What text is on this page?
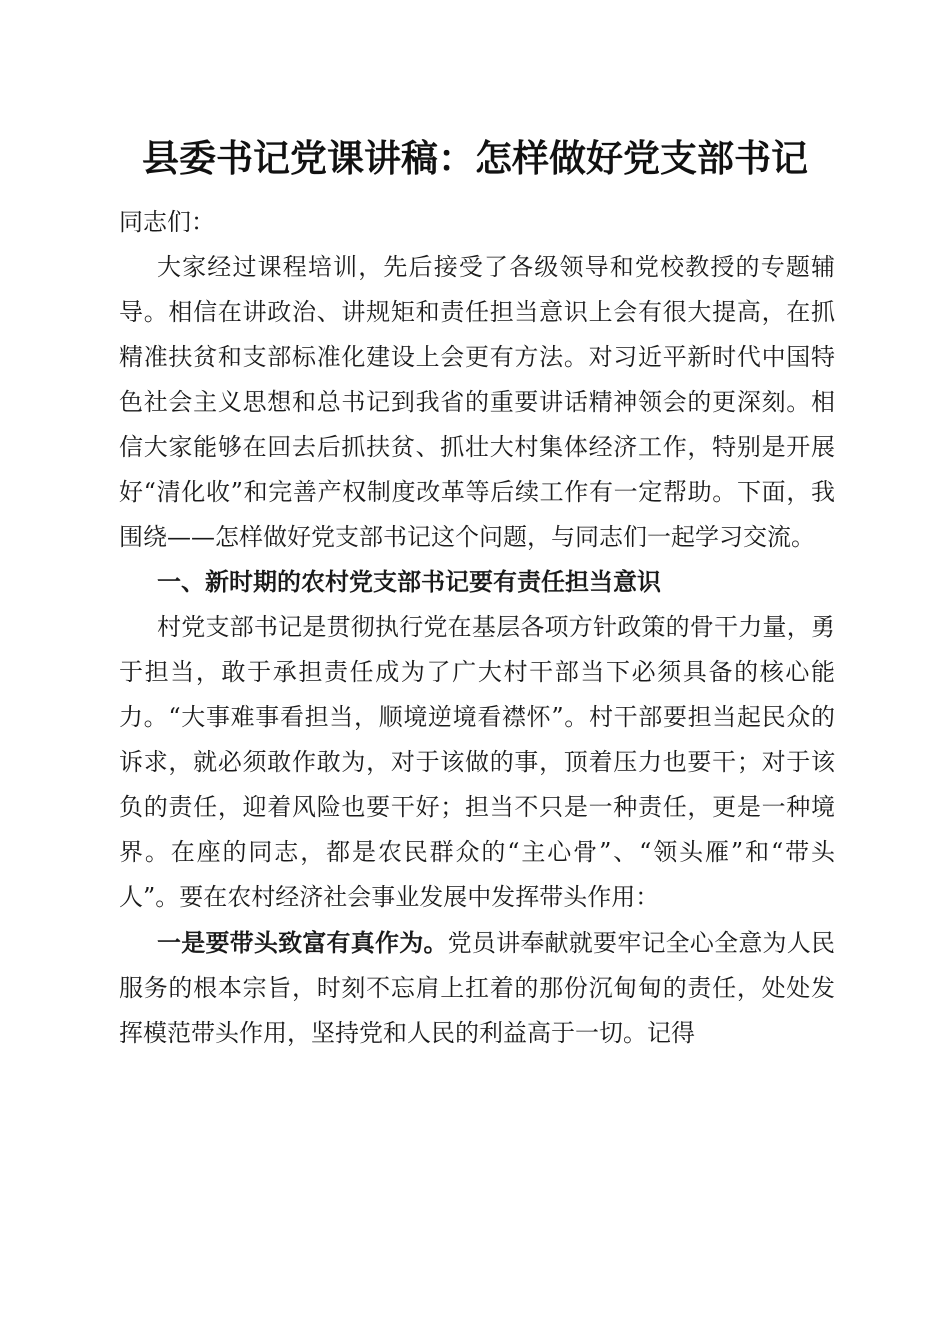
县委书记党课讲稿：怎样做好党支部书记

同志们：

大家经过课程培训，先后接受了各级领导和党校教授的专题辅导。相信在讲政治、讲规矩和责任担当意识上会有很大提高，在抓精准扶贫和支部标准化建设上会更有方法。对习近平新时代中国特色社会主义思想和总书记到我省的重要讲话精神领会的更深刻。相信大家能够在回去后抓扶贫、抓壮大村集体经济工作，特别是开展好“清化收”和完善产权制度改革等后续工作有一定帮助。下面，我围绕——怎样做好党支部书记这个问题，与同志们一起学习交流。

一、新时期的农村党支部书记要有责任担当意识

村党支部书记是贯彻执行党在基层各项方针政策的骨干力量，勇于担当，敢于承担责任成为了广大村干部当下必须具备的核心能力。“大事难事看担当，顺境逆境看襟怀”。村干部要担当起民众的诉求，就必须敢作敢为，对于该做的事，顶着压力也要干；对于该负的责任，迎着风险也要干好；担当不只是一种责任，更是一种境界。在座的同志，都是农民群众的“主心骨”、“领头雁”和“带头人”。要在农村经济社会事业发展中发挥带头作用：

一是要带头致富有真作为。党员讲奉献就要牢记全心全意为人民服务的根本宗旨，时刻不忘肩上扛着的那份沉甸甸的责任，处处发挥模范带头作用，坚持党和人民的利益高于一切。记得
